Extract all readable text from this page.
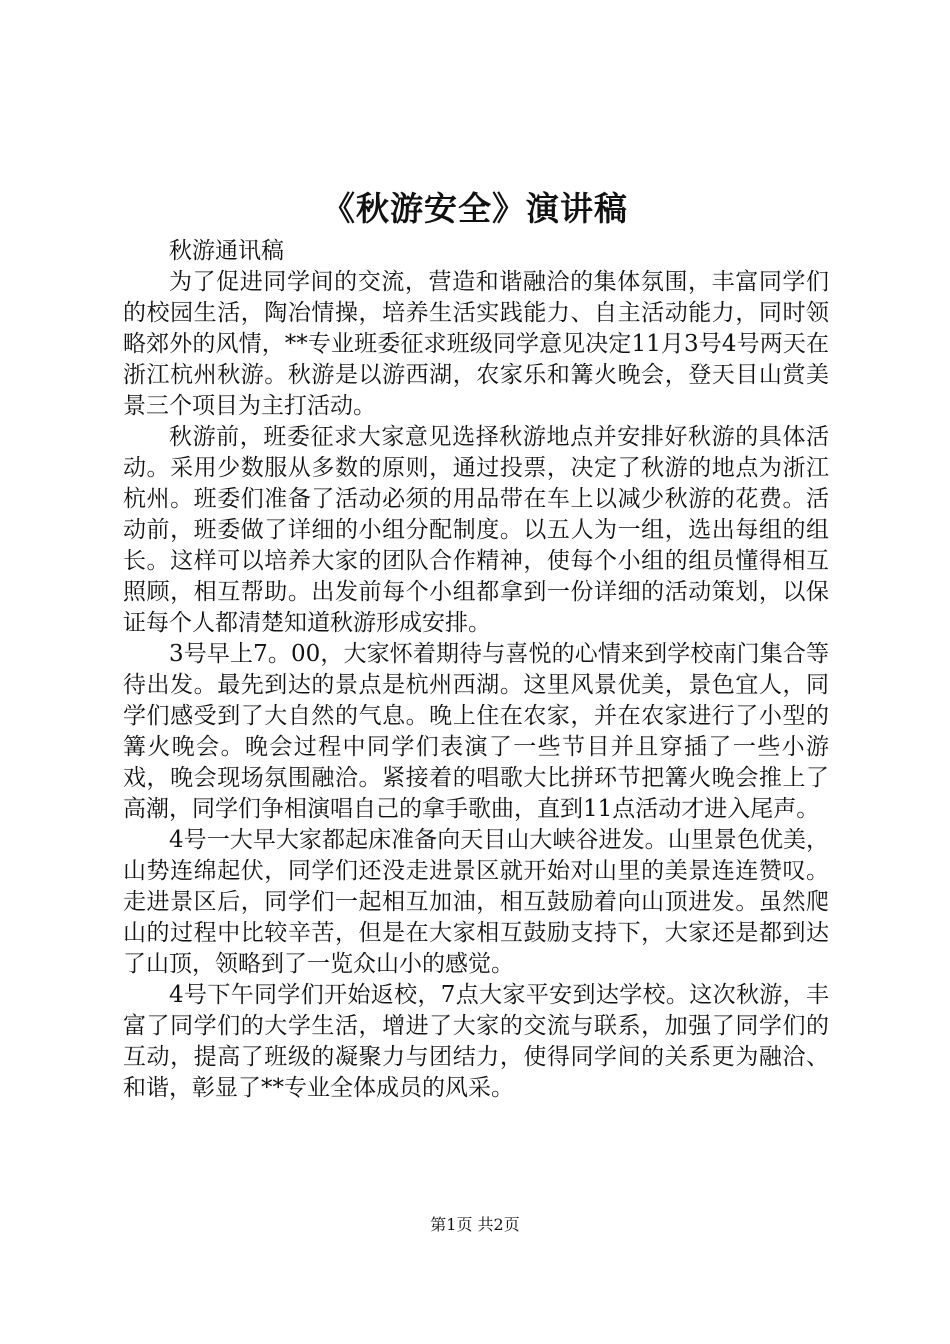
《秋游安全》演讲稿

秋游通讯稿

为了促进同学间的交流，营造和谐融洽的集体氛围，丰富同学们的校园生活，陶冶情操，培养生活实践能力、自主活动能力，同时领略郊外的风情，**专业班委征求班级同学意见决定11月3号4号两天在浙江杭州秋游。秋游是以游西湖，农家乐和篝火晚会，登天目山赏美景三个项目为主打活动。

秋游前，班委征求大家意见选择秋游地点并安排好秋游的具体活动。采用少数服从多数的原则，通过投票，决定了秋游的地点为浙江杭州。班委们准备了活动必须的用品带在车上以减少秋游的花费。活动前，班委做了详细的小组分配制度。以五人为一组，选出每组的组长。这样可以培养大家的团队合作精神，使每个小组的组员懂得相互照顾，相互帮助。出发前每个小组都拿到一份详细的活动策划，以保证每个人都清楚知道秋游形成安排。

3号早上7。00，大家怀着期待与喜悦的心情来到学校南门集合等待出发。最先到达的景点是杭州西湖。这里风景优美，景色宜人，同学们感受到了大自然的气息。晚上住在农家，并在农家进行了小型的篝火晚会。晚会过程中同学们表演了一些节目并且穿插了一些小游戏，晚会现场氛围融洽。紧接着的唱歌大比拼环节把篝火晚会推上了高潮，同学们争相演唱自己的拿手歌曲，直到11点活动才进入尾声。

4号一大早大家都起床准备向天目山大峡谷进发。山里景色优美，山势连绵起伏，同学们还没走进景区就开始对山里的美景连连赞叹。走进景区后，同学们一起相互加油，相互鼓励着向山顶进发。虽然爬山的过程中比较辛苦，但是在大家相互鼓励支持下，大家还是都到达了山顶，领略到了一览众山小的感觉。

4号下午同学们开始返校，7点大家平安到达学校。这次秋游，丰富了同学们的大学生活，增进了大家的交流与联系，加强了同学们的互动，提高了班级的凝聚力与团结力，使得同学间的关系更为融洽、和谐，彰显了**专业全体成员的风采。

第1页 共2页
